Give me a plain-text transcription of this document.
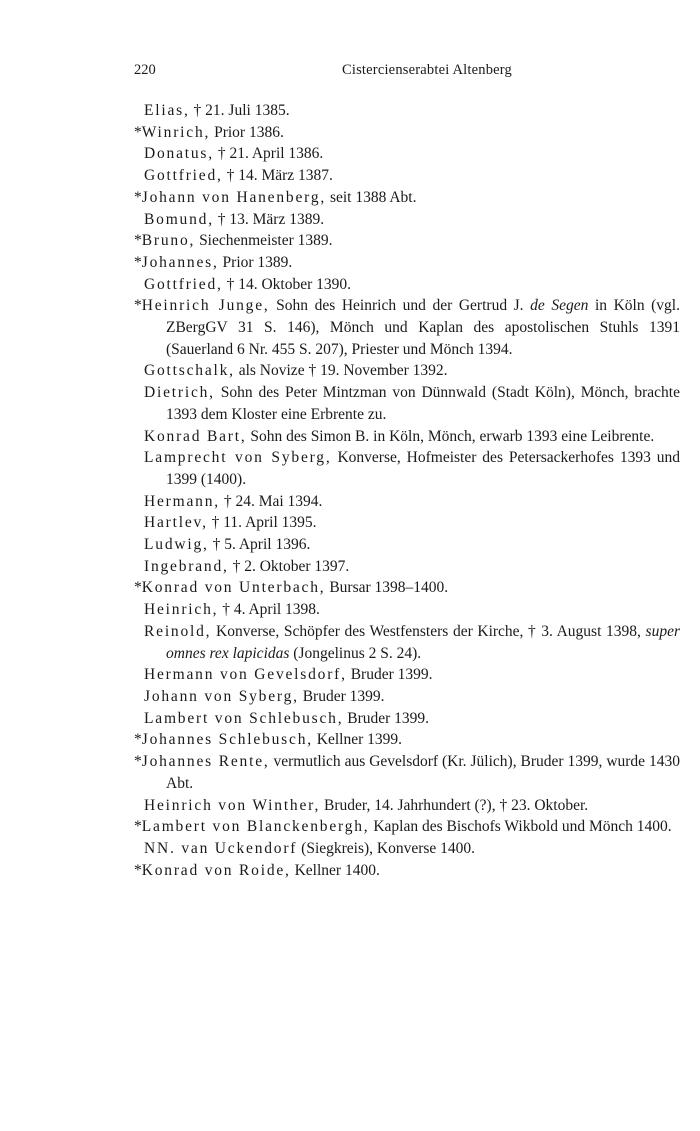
220	Cistercienserabtei Altenberg
Elias, † 21. Juli 1385.
*Winrich, Prior 1386.
Donatus, † 21. April 1386.
Gottfried, † 14. März 1387.
*Johann von Hanenberg, seit 1388 Abt.
Bomund, † 13. März 1389.
*Bruno, Siechenmeister 1389.
*Johannes, Prior 1389.
Gottfried, † 14. Oktober 1390.
*Heinrich Junge, Sohn des Heinrich und der Gertrud J. de Segen in Köln (vgl. ZBergGV 31 S. 146), Mönch und Kaplan des apostolischen Stuhls 1391 (Sauerland 6 Nr. 455 S. 207), Priester und Mönch 1394.
Gottschalk, als Novize † 19. November 1392.
Dietrich, Sohn des Peter Mintzman von Dünnwald (Stadt Köln), Mönch, brachte 1393 dem Kloster eine Erbrente zu.
Konrad Bart, Sohn des Simon B. in Köln, Mönch, erwarb 1393 eine Leibrente.
Lamprecht von Syberg, Konverse, Hofmeister des Petersackerhofes 1393 und 1399 (1400).
Hermann, † 24. Mai 1394.
Hartlev, † 11. April 1395.
Ludwig, † 5. April 1396.
Ingebrand, † 2. Oktober 1397.
*Konrad von Unterbach, Bursar 1398–1400.
Heinrich, † 4. April 1398.
Reinold, Konverse, Schöpfer des Westfensters der Kirche, † 3. August 1398, super omnes rex lapicidas (Jongelinus 2 S. 24).
Hermann von Gevelsdorf, Bruder 1399.
Johann von Syberg, Bruder 1399.
Lambert von Schlebusch, Bruder 1399.
*Johannes Schlebusch, Kellner 1399.
*Johannes Rente, vermutlich aus Gevelsdorf (Kr. Jülich), Bruder 1399, wurde 1430 Abt.
Heinrich von Winther, Bruder, 14. Jahrhundert (?), † 23. Oktober.
*Lambert von Blanckenbergh, Kaplan des Bischofs Wikbold und Mönch 1400.
NN. van Uckendorf (Siegkreis), Konverse 1400.
*Konrad von Roide, Kellner 1400.
